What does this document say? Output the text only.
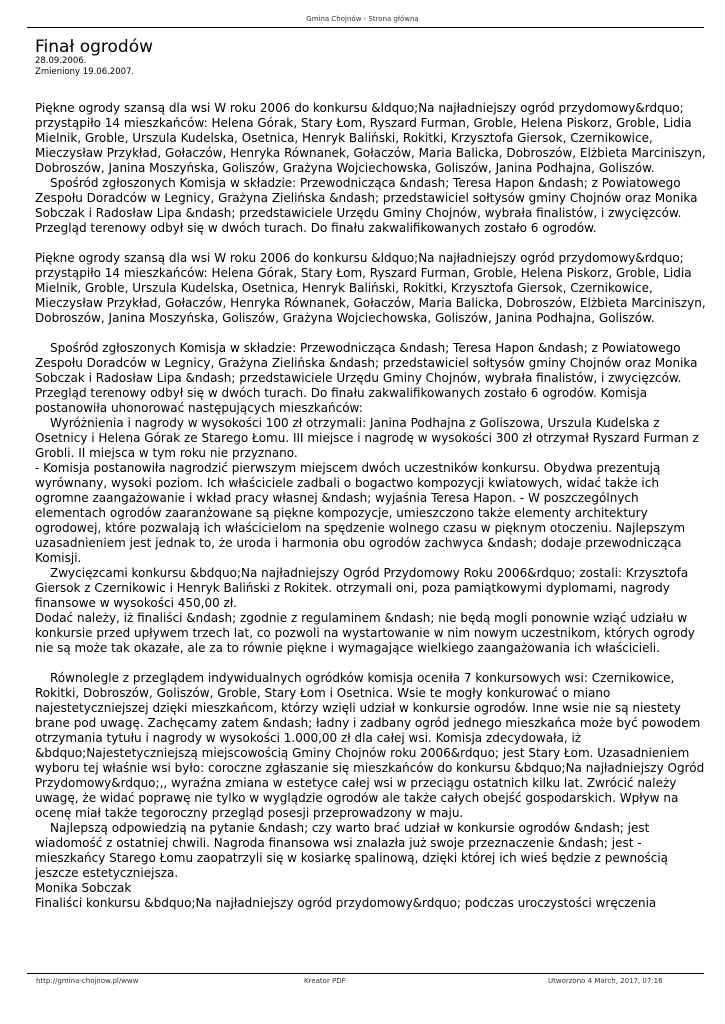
Gmina Chojnów - Strona główna
Finał ogrodów
28.09.2006.
Zmieniony 19.06.2007.

Piękne ogrody szansą dla wsi W roku 2006 do konkursu &ldquo;Na najładniejszy ogród przydomowy&rdquo; przystąpiło 14 mieszkańców: Helena Górak, Stary Łom, Ryszard Furman, Groble, Helena Piskorz, Groble, Lidia Mielnik, Groble, Urszula Kudelska, Osetnica, Henryk Baliński, Rokitki, Krzysztofa Giersok, Czernikowice, Mieczysław Przykład, Gołaczów, Henryka Równanek, Gołaczów, Maria Balicka, Dobroszów, Elżbieta Marciniszyn, Dobroszów, Janina Moszyńska, Goliszów, Grażyna Wojciechowska, Goliszów, Janina Podhajna, Goliszów.

Spośród zgłoszonych Komisja w składzie: Przewodnicząca &ndash; Teresa Hapon &ndash; z Powiatowego Zespołu Doradców w Legnicy, Grażyna Zielińska &ndash; przedstawiciel sołtysów gminy Chojnów oraz Monika Sobczak i Radosław Lipa &ndash; przedstawiciele Urzędu Gminy Chojnów, wybrała finalistów, i zwycięzców. Przegląd terenowy odbył się w dwóch turach. Do finału zakwalifikowanych zostało 6 ogrodów.

Piękne ogrody szansą dla wsi W roku 2006 do konkursu &ldquo;Na najładniejszy ogród przydomowy&rdquo; przystąpiło 14 mieszkańców: Helena Górak, Stary Łom, Ryszard Furman, Groble, Helena Piskorz, Groble, Lidia Mielnik, Groble, Urszula Kudelska, Osetnica, Henryk Baliński, Rokitki, Krzysztofa Giersok, Czernikowice, Mieczysław Przykład, Gołaczów, Henryka Równanek, Gołaczów, Maria Balicka, Dobroszów, Elżbieta Marciniszyn, Dobroszów, Janina Moszyńska, Goliszów, Grażyna Wojciechowska, Goliszów, Janina Podhajna, Goliszów.

Spośród zgłoszonych Komisja w składzie: Przewodnicząca &ndash; Teresa Hapon &ndash; z Powiatowego Zespołu Doradców w Legnicy, Grażyna Zielińska &ndash; przedstawiciel sołtysów gminy Chojnów oraz Monika Sobczak i Radosław Lipa &ndash; przedstawiciele Urzędu Gminy Chojnów, wybrała finalistów, i zwycięzców. Przegląd terenowy odbył się w dwóch turach. Do finału zakwalifikowanych zostało 6 ogrodów. Komisja postanowiła uhonorować następujących mieszkańców:

Wyróżnienia i nagrody w wysokości 100 zł otrzymali: Janina Podhajna z Goliszowa, Urszula Kudelska z Osetnicy i Helena Górak ze Starego Łomu. III miejsce i nagrodę w wysokości 300 zł otrzymał Ryszard Furman z Grobli. II miejsca w tym roku nie przyznano.

- Komisja postanowiła nagrodzić pierwszym miejscem dwóch uczestników konkursu. Obydwa prezentują wyrównany, wysoki poziom. Ich właściciele zadbali o bogactwo kompozycji kwiatowych, widać także ich ogromne zaangażowanie i wkład pracy własnej &ndash; wyjaśnia Teresa Hapon. - W poszczególnych elementach ogrodów zaaranżowane są piękne kompozycje, umieszczono także elementy architektury ogrodowej, które pozwalają ich właścicielom na spędzenie wolnego czasu w pięknym otoczeniu. Najlepszym uzasadnieniem jest jednak to, że uroda i harmonia obu ogrodów zachwyca &ndash; dodaje przewodnicząca Komisji.

Zwycięzcami konkursu &bdquo;Na najładniejszy Ogród Przydomowy Roku 2006&rdquo; zostali: Krzysztofa Giersok z Czernikowic i Henryk Baliński z Rokitek. otrzymali oni, poza pamiątkowymi dyplomami, nagrody finansowe w wysokości 450,00 zł.

Dodać należy, iż finaliści &ndash; zgodnie z regulaminem &ndash; nie będą mogli ponownie wziąć udziału w konkursie przed upływem trzech lat, co pozwoli na wystartowanie w nim nowym uczestnikom, których ogrody nie są może tak okazałe, ale za to równie piękne i wymagające wielkiego zaangażowania ich właścicieli.

Równolegle z przeglądem indywidualnych ogródków komisja oceniła 7 konkursowych wsi: Czernikowice, Rokitki, Dobroszów, Goliszów, Groble, Stary Łom i Osetnica. Wsie te mogły konkurować o miano najestetyczniejszej dzięki mieszkańcom, którzy wzięli udział w konkursie ogrodów. Inne wsie nie są niestety brane pod uwagę. Zachęcamy zatem &ndash; ładny i zadbany ogród jednego mieszkańca może być powodem otrzymania tytułu i nagrody w wysokości 1.000,00 zł dla całej wsi. Komisja zdecydowała, iż &bdquo;Najestetyczniejszą miejscowością Gminy Chojnów roku 2006&rdquo; jest Stary Łom. Uzasadnieniem wyboru tej właśnie wsi było: coroczne zgłaszanie się mieszkańców do konkursu &bdquo;Na najładniejszy Ogród Przydomowy&rdquo;,, wyraźna zmiana w estetyce całej wsi w przeciągu ostatnich kilku lat. Zwrócić należy uwagę, że widać poprawę nie tylko w wyglądzie ogrodów ale także całych obejść gospodarskich. Wpływ na ocenę miał także tegoroczny przegląd posesji przeprowadzony w maju.

Najlepszą odpowiedzią na pytanie &ndash; czy warto brać udział w konkursie ogrodów &ndash; jest wiadomość z ostatniej chwili. Nagroda finansowa wsi znalazła już swoje przeznaczenie &ndash; jest - mieszkańcy Starego Łomu zaopatrzyli się w kosiarkę spalinową, dzięki której ich wieś będzie z pewnością jeszcze estetyczniejsza.

Monika Sobczak

Finaliści konkursu &bdquo;Na najładniejszy ogród przydomowy&rdquo; podczas uroczystości wręczenia

http://gmina-chojnow.pl/www	Kreator PDF	Utworzono 4 March, 2017, 07:16
